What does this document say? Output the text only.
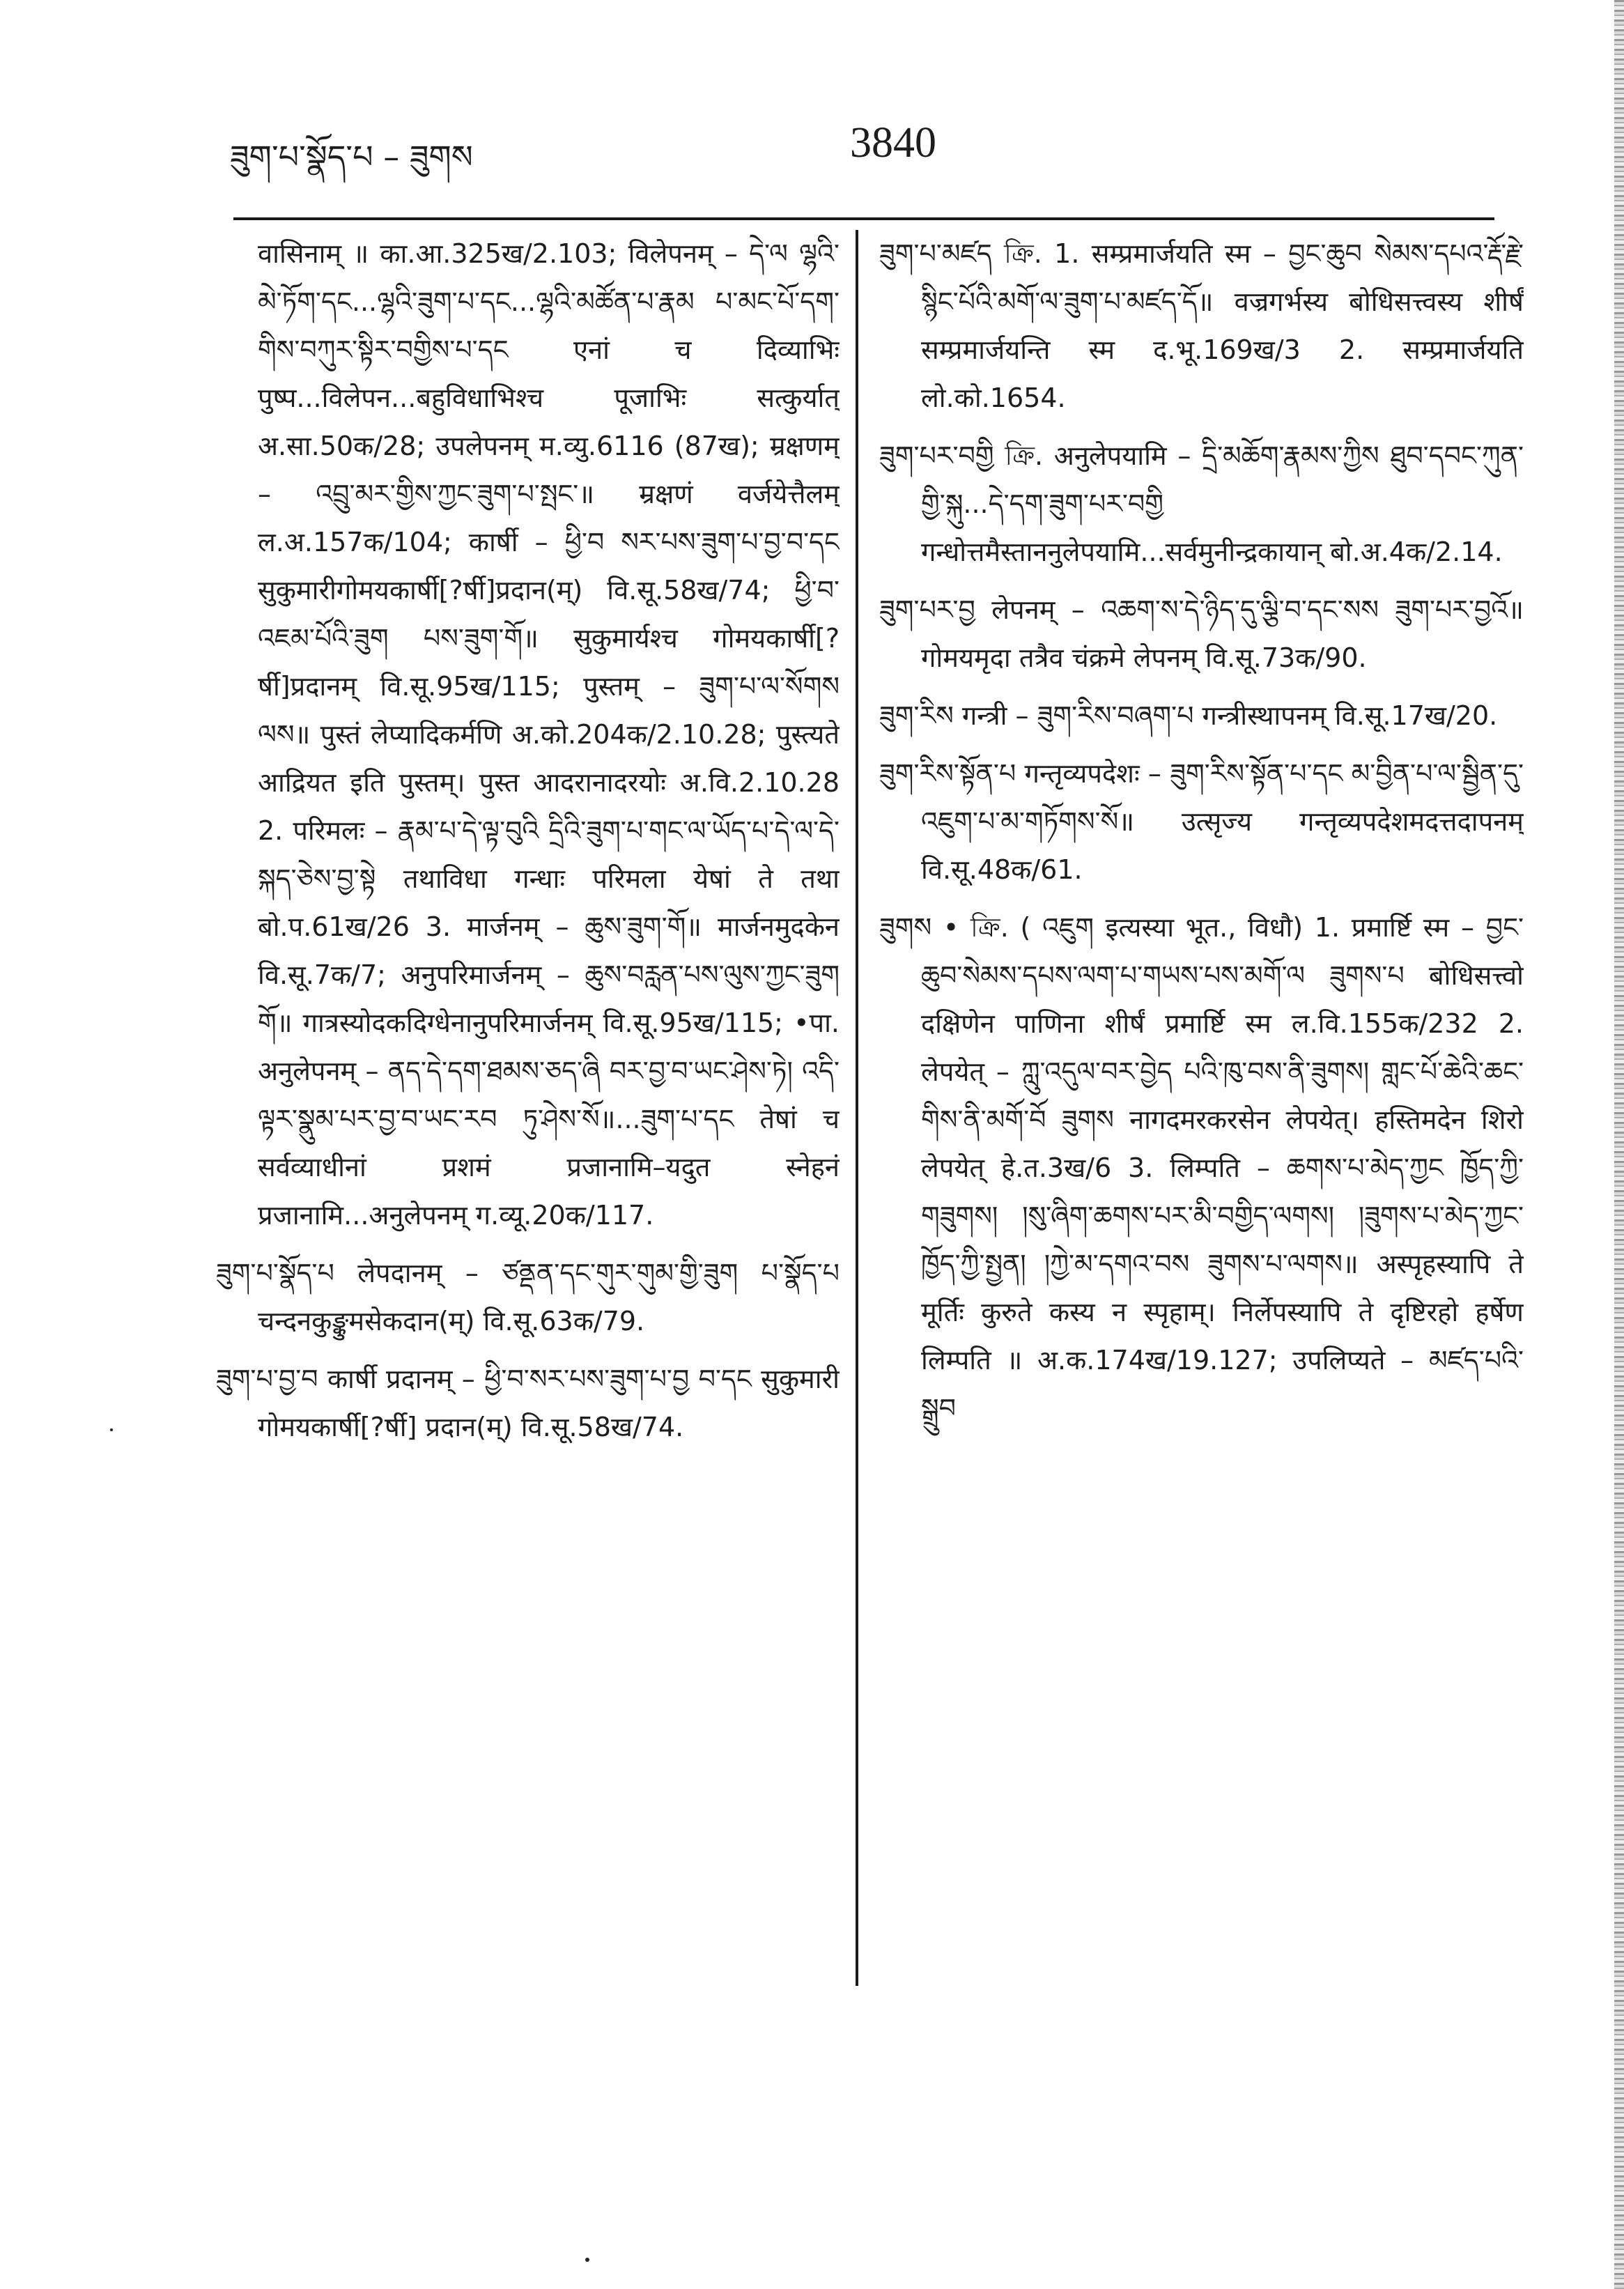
ཟུག་པ་སྣོད་པ – ཟུགས	3840

वासिनाम् ॥ का.आ.325ख/2.103; विलेपनम् – དེ་ལ ལྷའི་མེ་ཏོག་དང...ལྷའི་ཟུག་པ་དང...ལྷའི་མཚོན་པ་རྣམ པ་མང་པོ་དག་གིས་བཀུར་སྟིར་བགྱིས་པ་དང एनां च दिव्याभिः पुष्प...विलेपन...बहुविधाभिश्च पूजाभिः सत्कुर्यात् अ.सा.50क/28; उपलेपनम् म.व्यु.6116 (87ख); म्रक्षणम् – འབྲུ་མར་གྱིས་ཀྱང་ཟུག་པ་སྤང་॥ म्रक्षणं वर्जयेत्तैलम् ल.अ.157क/104; कार्षी – ཕྱི་བ སར་པས་ཟུག་པ་བྱ་བ་དང सुकुमारीगोमयकार्षी[?र्षी]प्रदान(म्) वि.सू.58ख/74; ཕྱི་བ་འཇམ་པོའི་ཟུག པས་ཟུག་གོ॥ सुकुमार्यश्च गोमयकार्षी[?र्षी]प्रदानम् वि.सू.95ख/115; पुस्तम् – ཟུག་པ་ལ་སོགས ལས॥ पुस्तं लेप्यादिकर्मणि अ.को.204क/2.10.28; पुस्त्यते आद्रियत इति पुस्तम्। पुस्त आदरानादरयोः अ.वि.2.10.28 2. परिमलः – རྣམ་པ་དེ་ལྟ་བུའི དྲིའི་ཟུག་པ་གང་ལ་ཡོད་པ་དེ་ལ་དེ་སྐད་ཅེས་བྱ་སྟེ तथाविधा गन्धाः परिमला येषां ते तथा बो.प.61ख/26 3. मार्जनम् – ཆུས་ཟུག་གོ॥ मार्जनमुदकेन वि.सू.7क/7; अनुपरिमार्जनम् – ཆུས་བརླན་པས་ལུས་ཀྱང་ཟུག གོ॥ गात्रस्योदकदिग्धेनानुपरिमार्जनम् वि.सू.95ख/115; •पा. अनुलेपनम् – ནད་དེ་དག་ཐམས་ཅད་ཞི བར་བྱ་བ་ཡང་ཤེས་ཏེ། འདི་ལྟར་སྣུམ་པར་བྱ་བ་ཡང་རབ ཏུ་ཤེས་སོ॥...ཟུག་པ་དང तेषां च सर्वव्याधीनां प्रशमं प्रजानामि–यदुत स्नेहनं प्रजानामि...अनुलेपनम् ग.व्यू.20क/117.

ཟུག་པ་སྣོད་པ लेपदानम् – ཙནྡན་དང་གུར་གུམ་གྱི་ཟུག པ་སྣོད་པ चन्दनकुङ्कुमसेकदान(म्) वि.सू.63क/79.

ཟུག་པ་བྱ་བ कार्षी प्रदानम् – ཕྱི་བ་སར་པས་ཟུག་པ་བྱ བ་དང सुकुमारी गोमयकार्षी[?र्षी] प्रदान(म्) वि.सू.58ख/74.

ཟུག་པ་མཛད ক্রি. 1. सम्प्रमार्जयति स्म – བྱང་ཆུབ སེམས་དཔའ་རྡོ་རྗེ་སྙིང་པོའི་མགོ་ལ་ཟུག་པ་མཛད་དོ॥ वज्रगर्भस्य बोधिसत्त्वस्य शीर्षं सम्प्रमार्जयन्ति स्म द.भू.169ख/3 2. सम्प्रमार्जयति लो.को.1654.

ཟུག་པར་བགྱི ক্রি. अनुलेपयामि – དྲི་མཆོག་རྣམས་ཀྱིས ཐུབ་དབང་ཀུན་གྱི་སྐུ...དེ་དག་ཟུག་པར་བགྱི गन्धोत्तमैस्ताननुलेपयामि...सर्वमुनीन्द्रकायान् बो.अ.4क/2.14.

ཟུག་པར་བྱ लेपनम् – འཆག་ས་དེ་ཉིད་དུ་ལྕི་བ་དང་སས ཟུག་པར་བྱའོ॥ गोमयमृदा तत्रैव चंक्रमे लेपनम् वि.सू.73क/90.

ཟུག་རིས गन्त्री – ཟུག་རིས་བཞག་པ गन्त्रीस्थापनम् वि.सू.17ख/20.

ཟུག་རིས་སྟོན་པ गन्तृव्यपदेशः – ཟུག་རིས་སྟོན་པ་དང མ་བྱིན་པ་ལ་སྦྱིན་དུ་འཇུག་པ་མ་གཏོགས་སོ॥ उत्सृज्य गन्तृव्यपदेशमदत्तदापनम् वि.सू.48क/61.

ཟུགས • ক্রি. ( འཇུག इत्यस्या भूत., विधौ) 1. प्रमार्ष्टि स्म – བྱང་ཆུབ་སེམས་དཔས་ལག་པ་གཡས་པས་མགོ་ལ ཟུགས་པ बोधिसत्त्वो दक्षिणेन पाणिना शीर्षं प्रमार्ष्टि स्म ल.वि.155क/232 2. लेपयेत् – ཀླུ་འདུལ་བར་བྱེད པའི་ཁུ་བས་ནི་ཟུགས། གླང་པོ་ཆེའི་ཆང་གིས་ནི་མགོ་བོ ཟུགས नागदमरकरसेन लेपयेत्। हस्तिमदेन शिरो लेपयेत् हे.त.3ख/6 3. लिम्पति – ཆགས་པ་མེད་ཀྱང ཁྱོད་ཀྱི་གཟུགས། །སུ་ཞིག་ཆགས་པར་མི་བགྱིད་ལགས། །ཟུགས་པ་མེད་ཀྱང་ཁྱོད་ཀྱི་སྤྱན། །ཀྱེ་མ་དགའ་བས ཟུགས་པ་ལགས॥ अस्पृहस्यापि ते मूर्तिः कुरुते कस्य न स्पृहाम्। निर्लेपस्यापि ते दृष्टिरहो हर्षेण लिम्पति ॥ अ.क.174ख/19.127; उपलिप्यते – མཛད་པའི་སྒྲུབ
